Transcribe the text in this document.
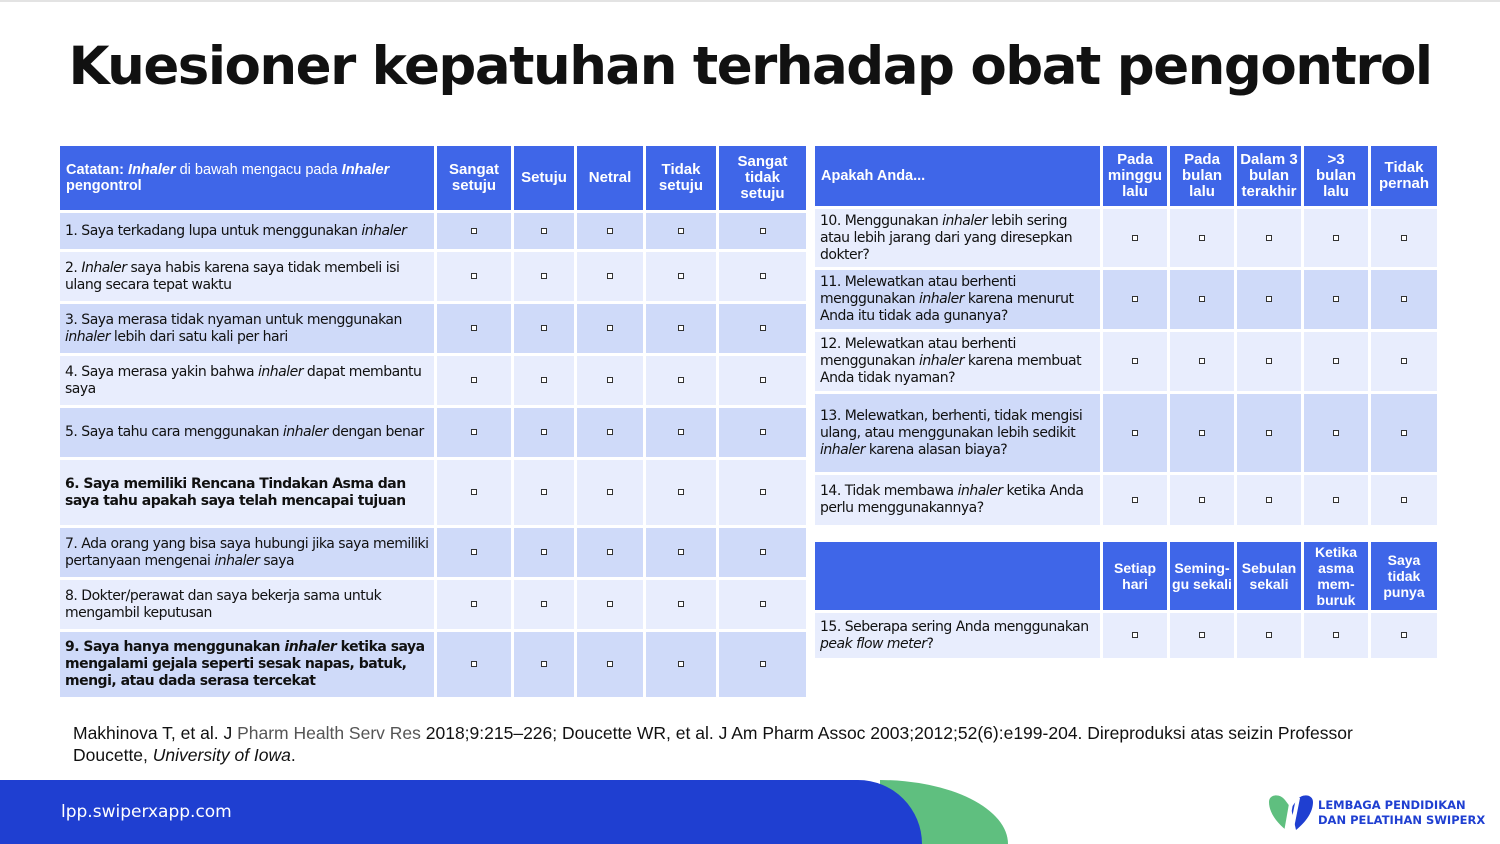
Kuesioner kepatuhan terhadap obat pengontrol
Catatan: Inhaler di bawah mengacu pada Inhaler pengontrol	Sangat setuju	Setuju	Netral	Tidak setuju	Sangat tidak setuju
1. Saya terkadang lupa untuk menggunakan inhaler					
2. Inhaler saya habis karena saya tidak membeli isi ulang secara tepat waktu					
3. Saya merasa tidak nyaman untuk menggunakan inhaler lebih dari satu kali per hari					
4. Saya merasa yakin bahwa inhaler dapat membantu saya					
5. Saya tahu cara menggunakan inhaler dengan benar					
6. Saya memiliki Rencana Tindakan Asma dan saya tahu apakah saya telah mencapai tujuan					
7. Ada orang yang bisa saya hubungi jika saya memiliki pertanyaan mengenai inhaler saya					
8. Dokter/perawat dan saya bekerja sama untuk mengambil keputusan					
9. Saya hanya menggunakan inhaler ketika saya mengalami gejala seperti sesak napas, batuk, mengi, atau dada serasa tercekat					
Apakah Anda...	Pada minggu lalu	Pada bulan lalu	Dalam 3 bulan terakhir	>3 bulan lalu	Tidak pernah
10. Menggunakan inhaler lebih sering atau lebih jarang dari yang diresepkan dokter?					
11. Melewatkan atau berhenti menggunakan inhaler karena menurut Anda itu tidak ada gunanya?					
12. Melewatkan atau berhenti menggunakan inhaler karena membuat Anda tidak nyaman?					
13. Melewatkan, berhenti, tidak mengisi ulang, atau menggunakan lebih sedikit inhaler karena alasan biaya?					
14. Tidak membawa inhaler ketika Anda perlu menggunakannya?					
	Setiap hari	Seming-gu sekali	Sebulan sekali	Ketika asma mem-buruk	Saya tidak punya
15. Seberapa sering Anda menggunakan peak flow meter?					

Makhinova T, et al. J Pharm Health Serv Res 2018;9:215–226; Doucette WR, et al. J Am Pharm Assoc 2003;2012;52(6):e199-204. Direproduksi atas seizin Professor Doucette, University of Iowa.

lpp.swiperxapp.com	LEMBAGA PENDIDIKAN
DAN PELATIHAN SWIPERX
